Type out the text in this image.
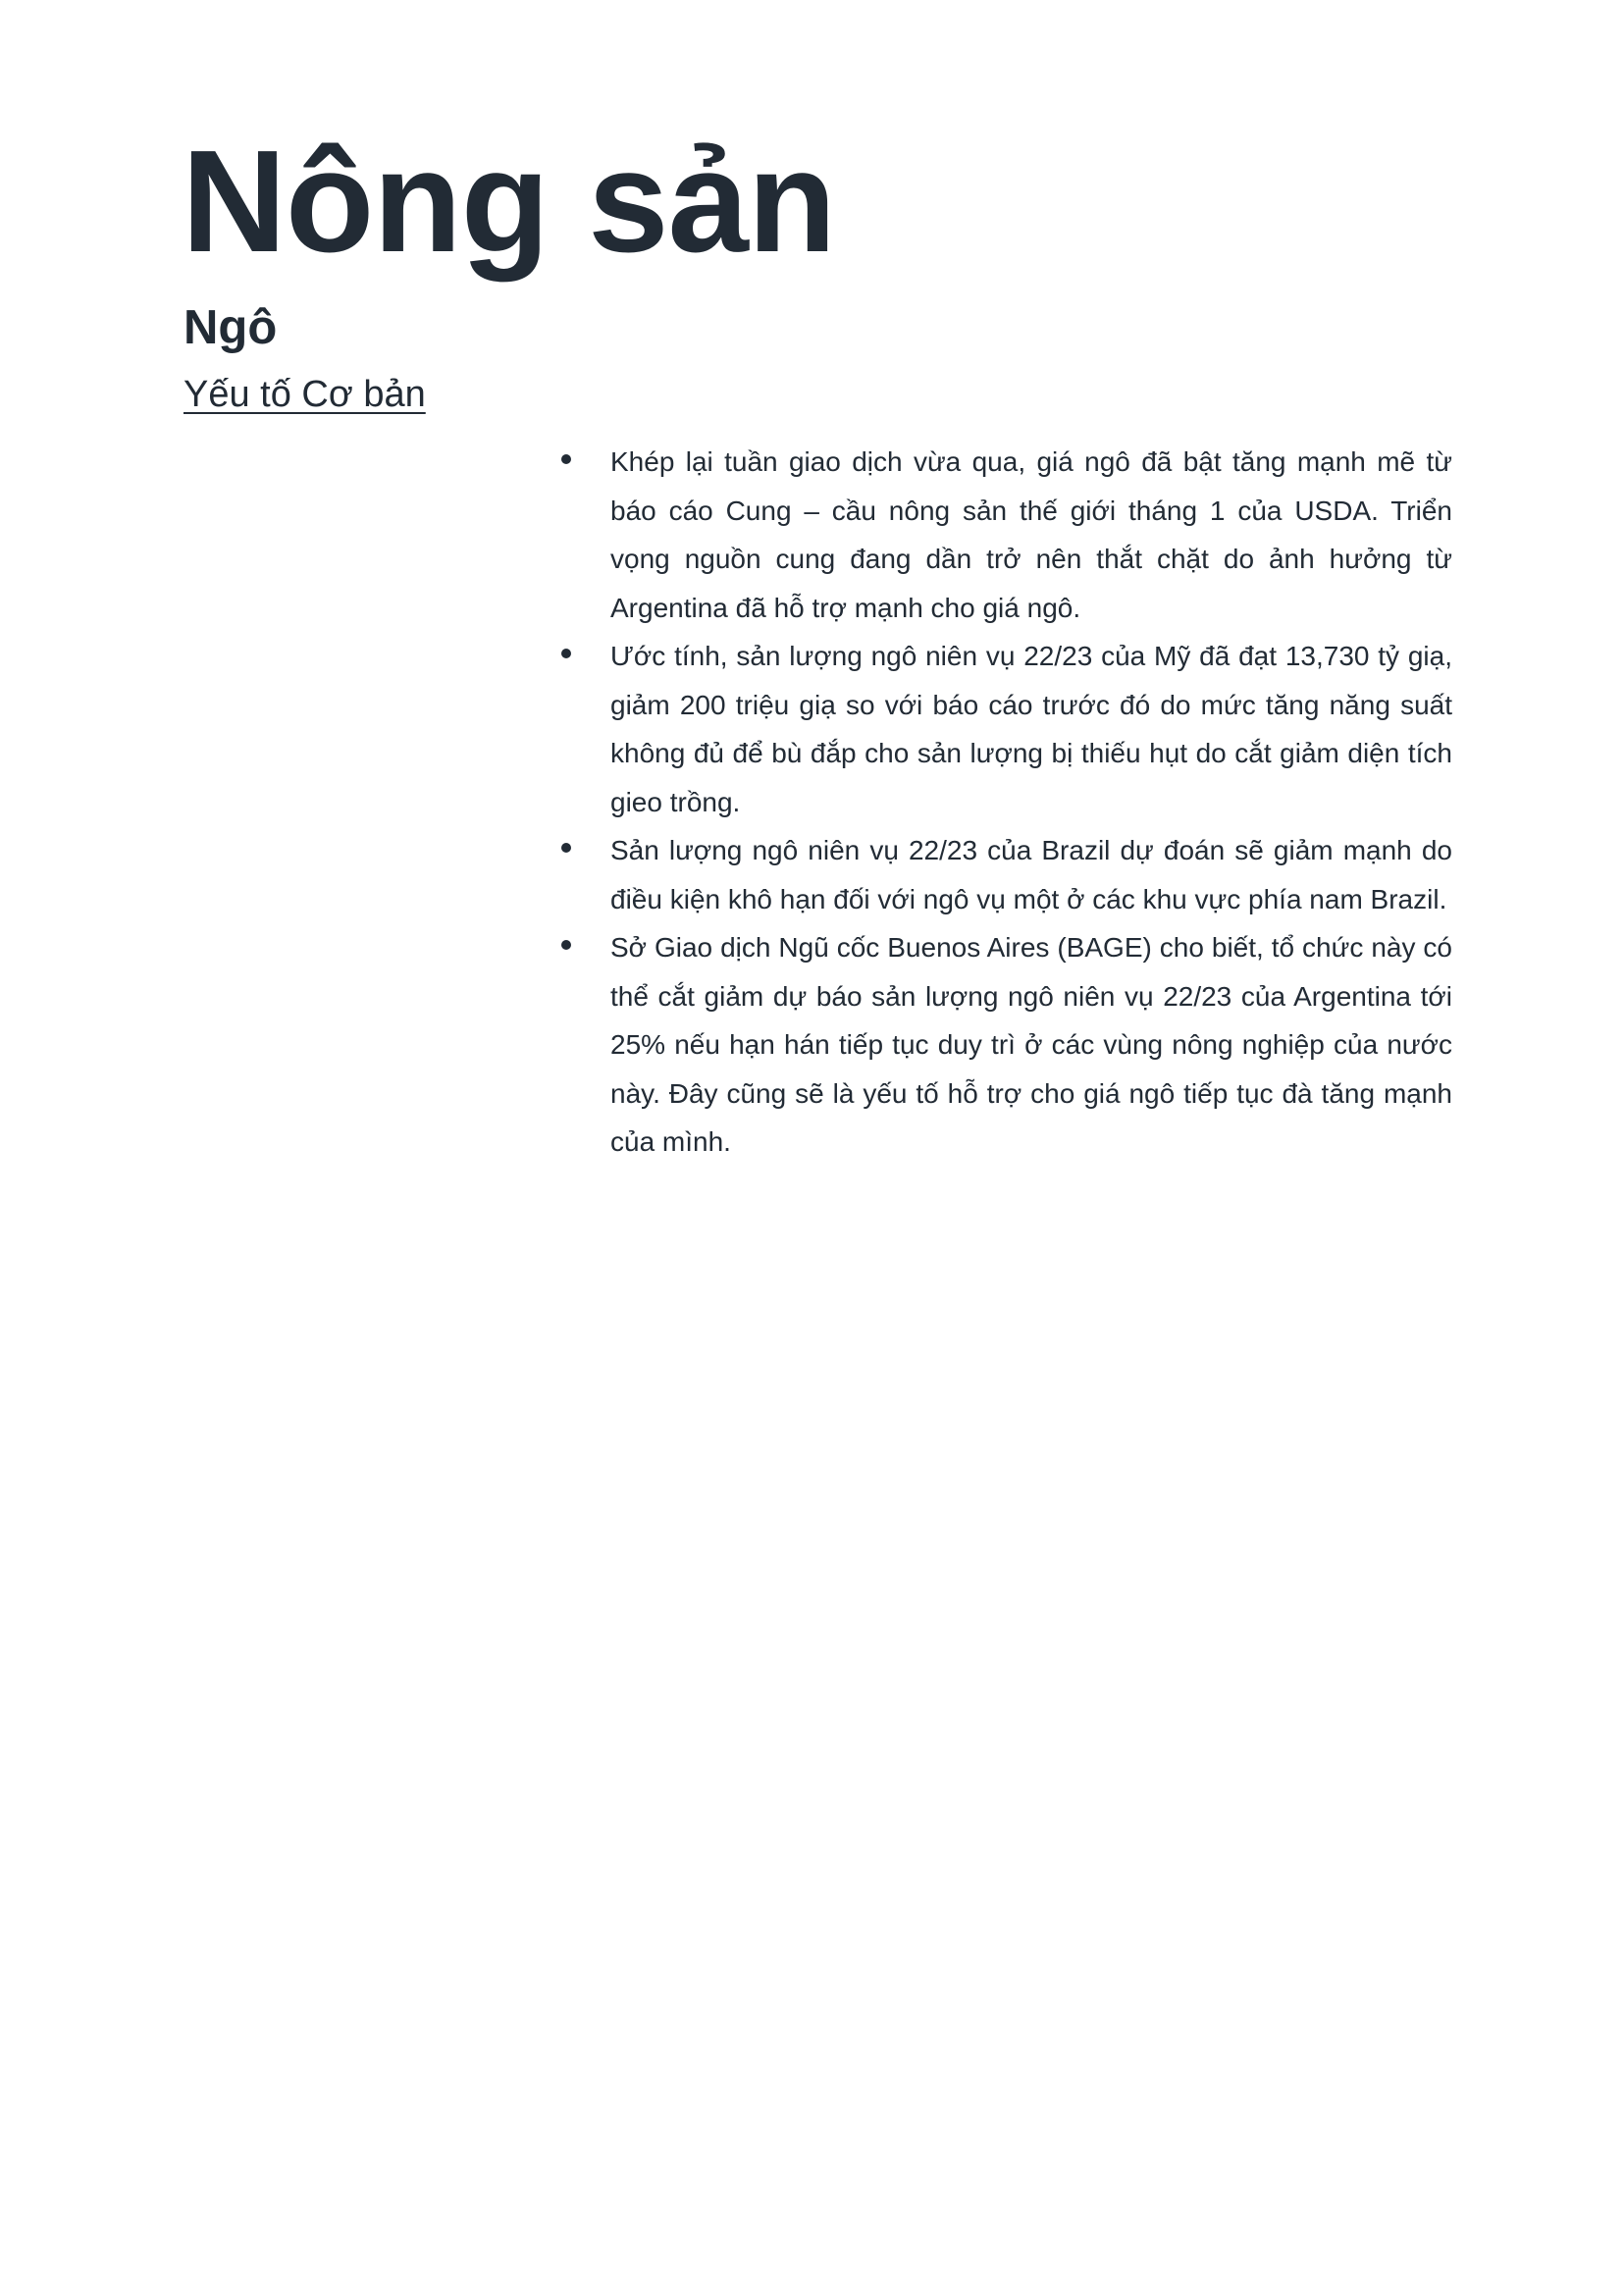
Nông sản
Ngô
Yếu tố Cơ bản
Khép lại tuần giao dịch vừa qua, giá ngô đã bật tăng mạnh mẽ từ báo cáo Cung – cầu nông sản thế giới tháng 1 của USDA. Triển vọng nguồn cung đang dần trở nên thắt chặt do ảnh hưởng từ Argentina đã hỗ trợ mạnh cho giá ngô.
Ước tính, sản lượng ngô niên vụ 22/23 của Mỹ đã đạt 13,730 tỷ giạ, giảm 200 triệu giạ so với báo cáo trước đó do mức tăng năng suất không đủ để bù đắp cho sản lượng bị thiếu hụt do cắt giảm diện tích gieo trồng.
Sản lượng ngô niên vụ 22/23 của Brazil dự đoán sẽ giảm mạnh do điều kiện khô hạn đối với ngô vụ một ở các khu vực phía nam Brazil.
Sở Giao dịch Ngũ cốc Buenos Aires (BAGE) cho biết, tổ chức này có thể cắt giảm dự báo sản lượng ngô niên vụ 22/23 của Argentina tới 25% nếu hạn hán tiếp tục duy trì ở các vùng nông nghiệp của nước này. Đây cũng sẽ là yếu tố hỗ trợ cho giá ngô tiếp tục đà tăng mạnh của mình.
